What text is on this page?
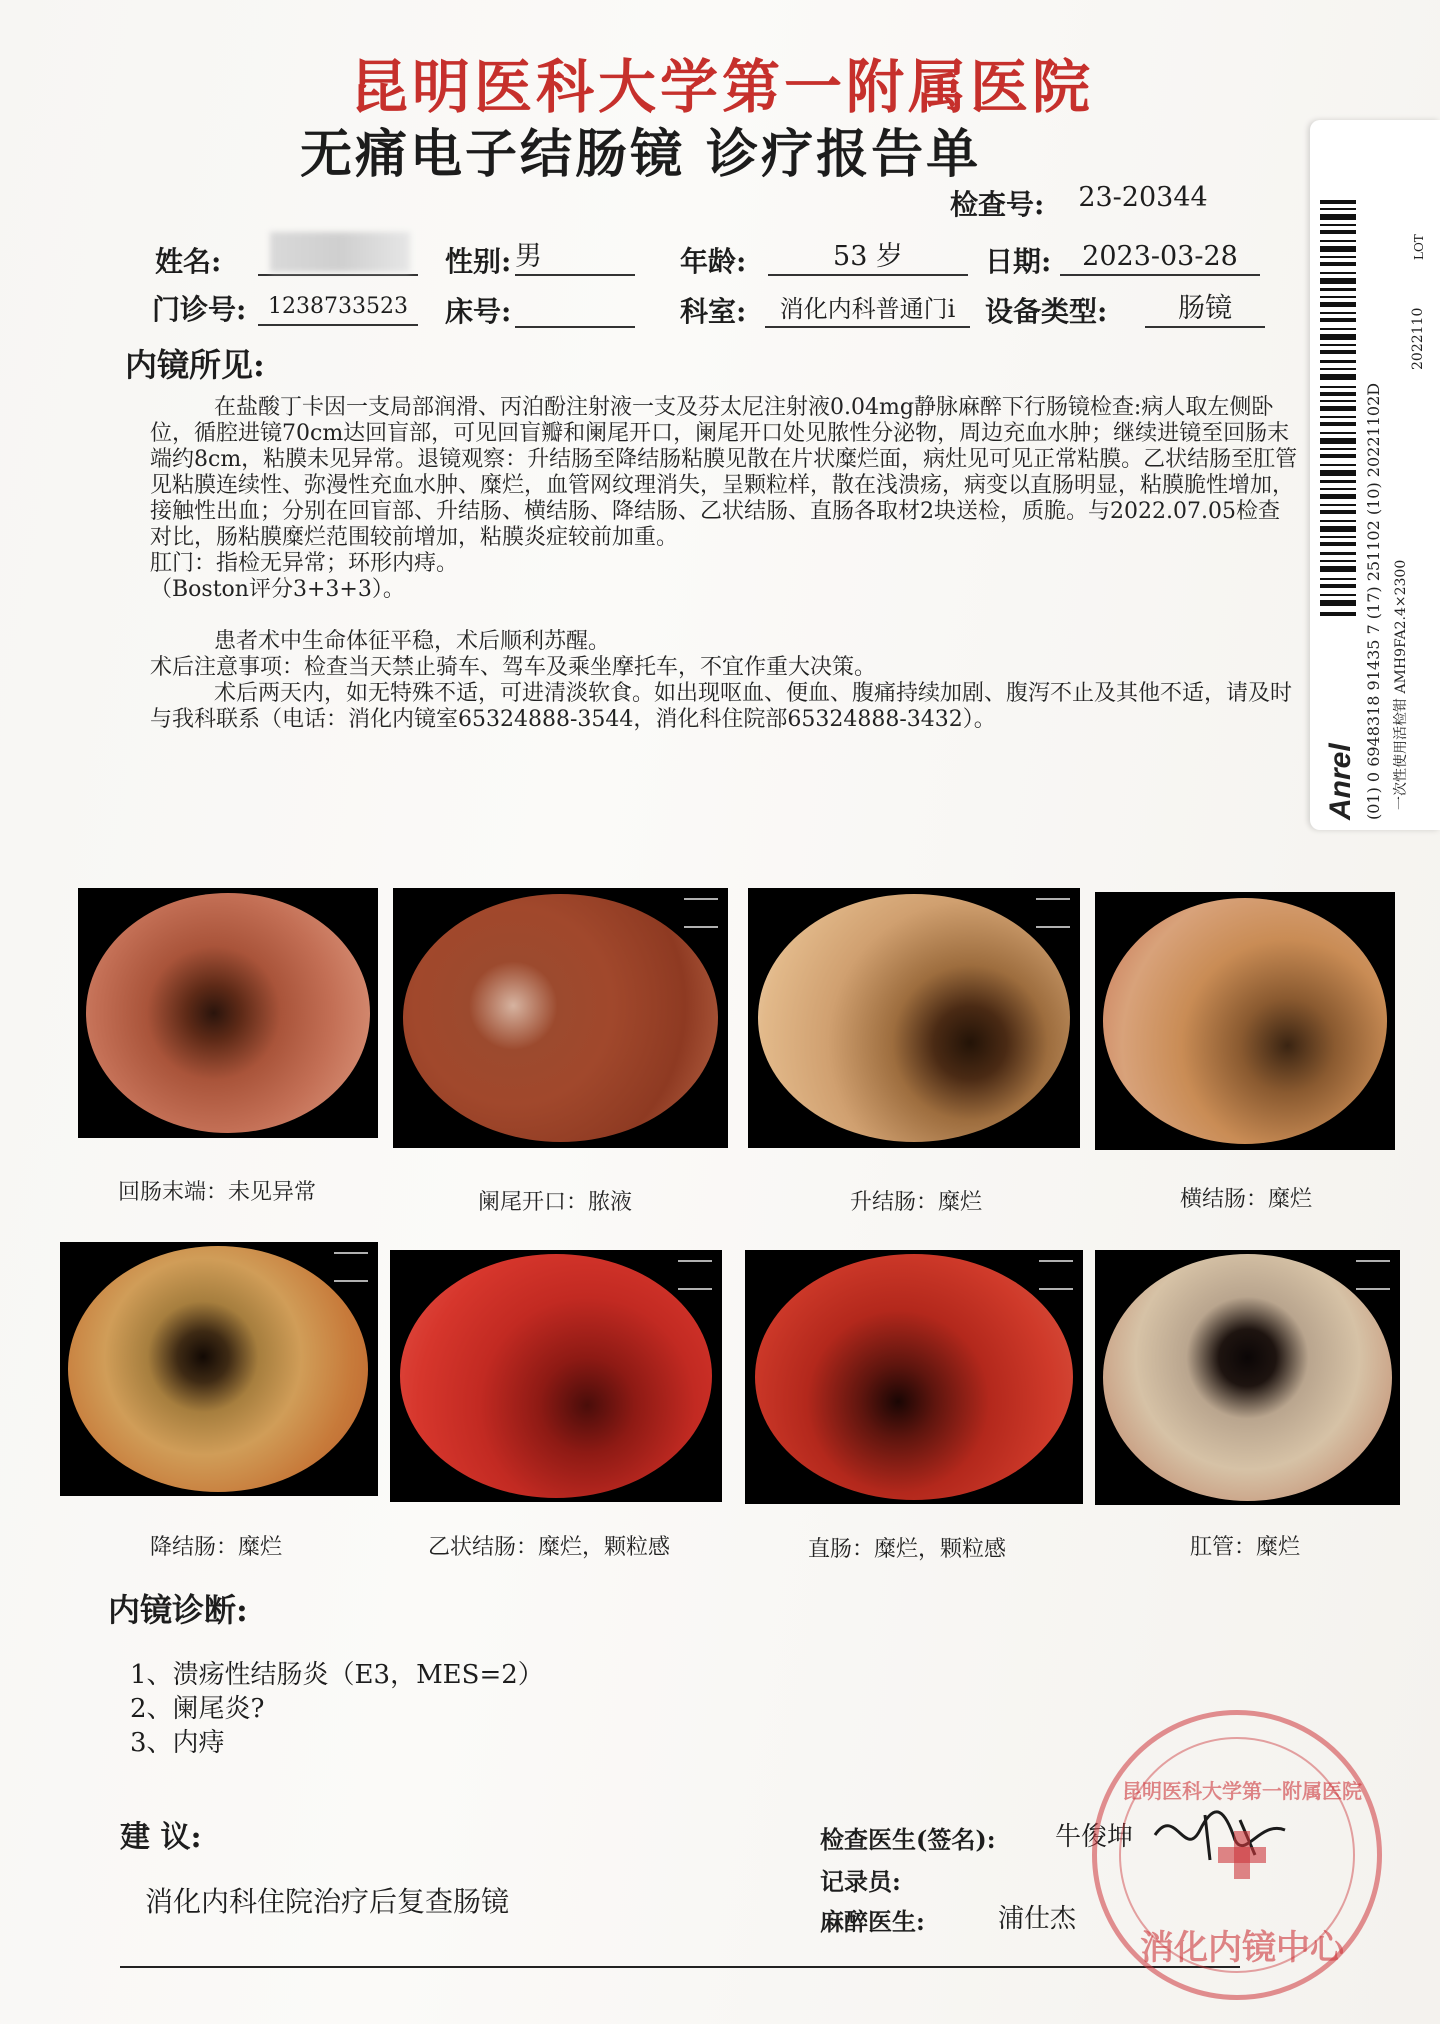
昆明医科大学第一附属医院
无痛电子结肠镜 诊疗报告单
检查号:	23-20344
姓名:	性别: 男	年龄:	53 岁	日期:	2023-03-28
门诊号: 1238733523	床号:	科室:	消化内科普通门i	设备类型:	肠镜
内镜所见:

在盐酸丁卡因一支局部润滑、丙泊酚注射液一支及芬太尼注射液0.04mg静脉麻醉下行肠镜检查:病人取左侧卧位，循腔进镜70cm达回盲部，可见回盲瓣和阑尾开口，阑尾开口处见脓性分泌物，周边充血水肿；继续进镜至回肠末端约8cm，粘膜未见异常。退镜观察：升结肠至降结肠粘膜见散在片状糜烂面，病灶见可见正常粘膜。乙状结肠至肛管见粘膜连续性、弥漫性充血水肿、糜烂，血管网纹理消失，呈颗粒样，散在浅溃疡，病变以直肠明显，粘膜脆性增加，接触性出血；分别在回盲部、升结肠、横结肠、降结肠、乙状结肠、直肠各取材2块送检，质脆。与2022.07.05检查对比，肠粘膜糜烂范围较前增加，粘膜炎症较前加重。

肛门：指检无异常；环形内痔。

（Boston评分3+3+3）。

患者术中生命体征平稳，术后顺利苏醒。

术后注意事项：检查当天禁止骑车、驾车及乘坐摩托车，不宜作重大决策。

术后两天内，如无特殊不适，可进清淡软食。如出现呕血、便血、腹痛持续加剧、腹泻不止及其他不适，请及时与我科联系（电话：消化内镜室65324888-3544，消化科住院部65324888-3432）。

回肠末端：未见异常	阑尾开口：脓液	升结肠：糜烂	横结肠：糜烂
降结肠：糜烂	乙状结肠：糜烂，颗粒感	直肠：糜烂，颗粒感	肛管：糜烂
内镜诊断:
1、溃疡性结肠炎（E3，MES=2）
2、阑尾炎?
3、内痔
建 议:
消化内科住院治疗后复查肠镜
检查医生(签名): 牛俊坤
记录员:
麻醉医生:	浦仕杰
昆明医科大学第一附属医院
消化内镜中心
(01) 0 6948318 91435 7 (17) 251102 (10) 20221102D 一次性使用活检钳 AMH9FA2.4×2300
2022110
LOT
Anrel
